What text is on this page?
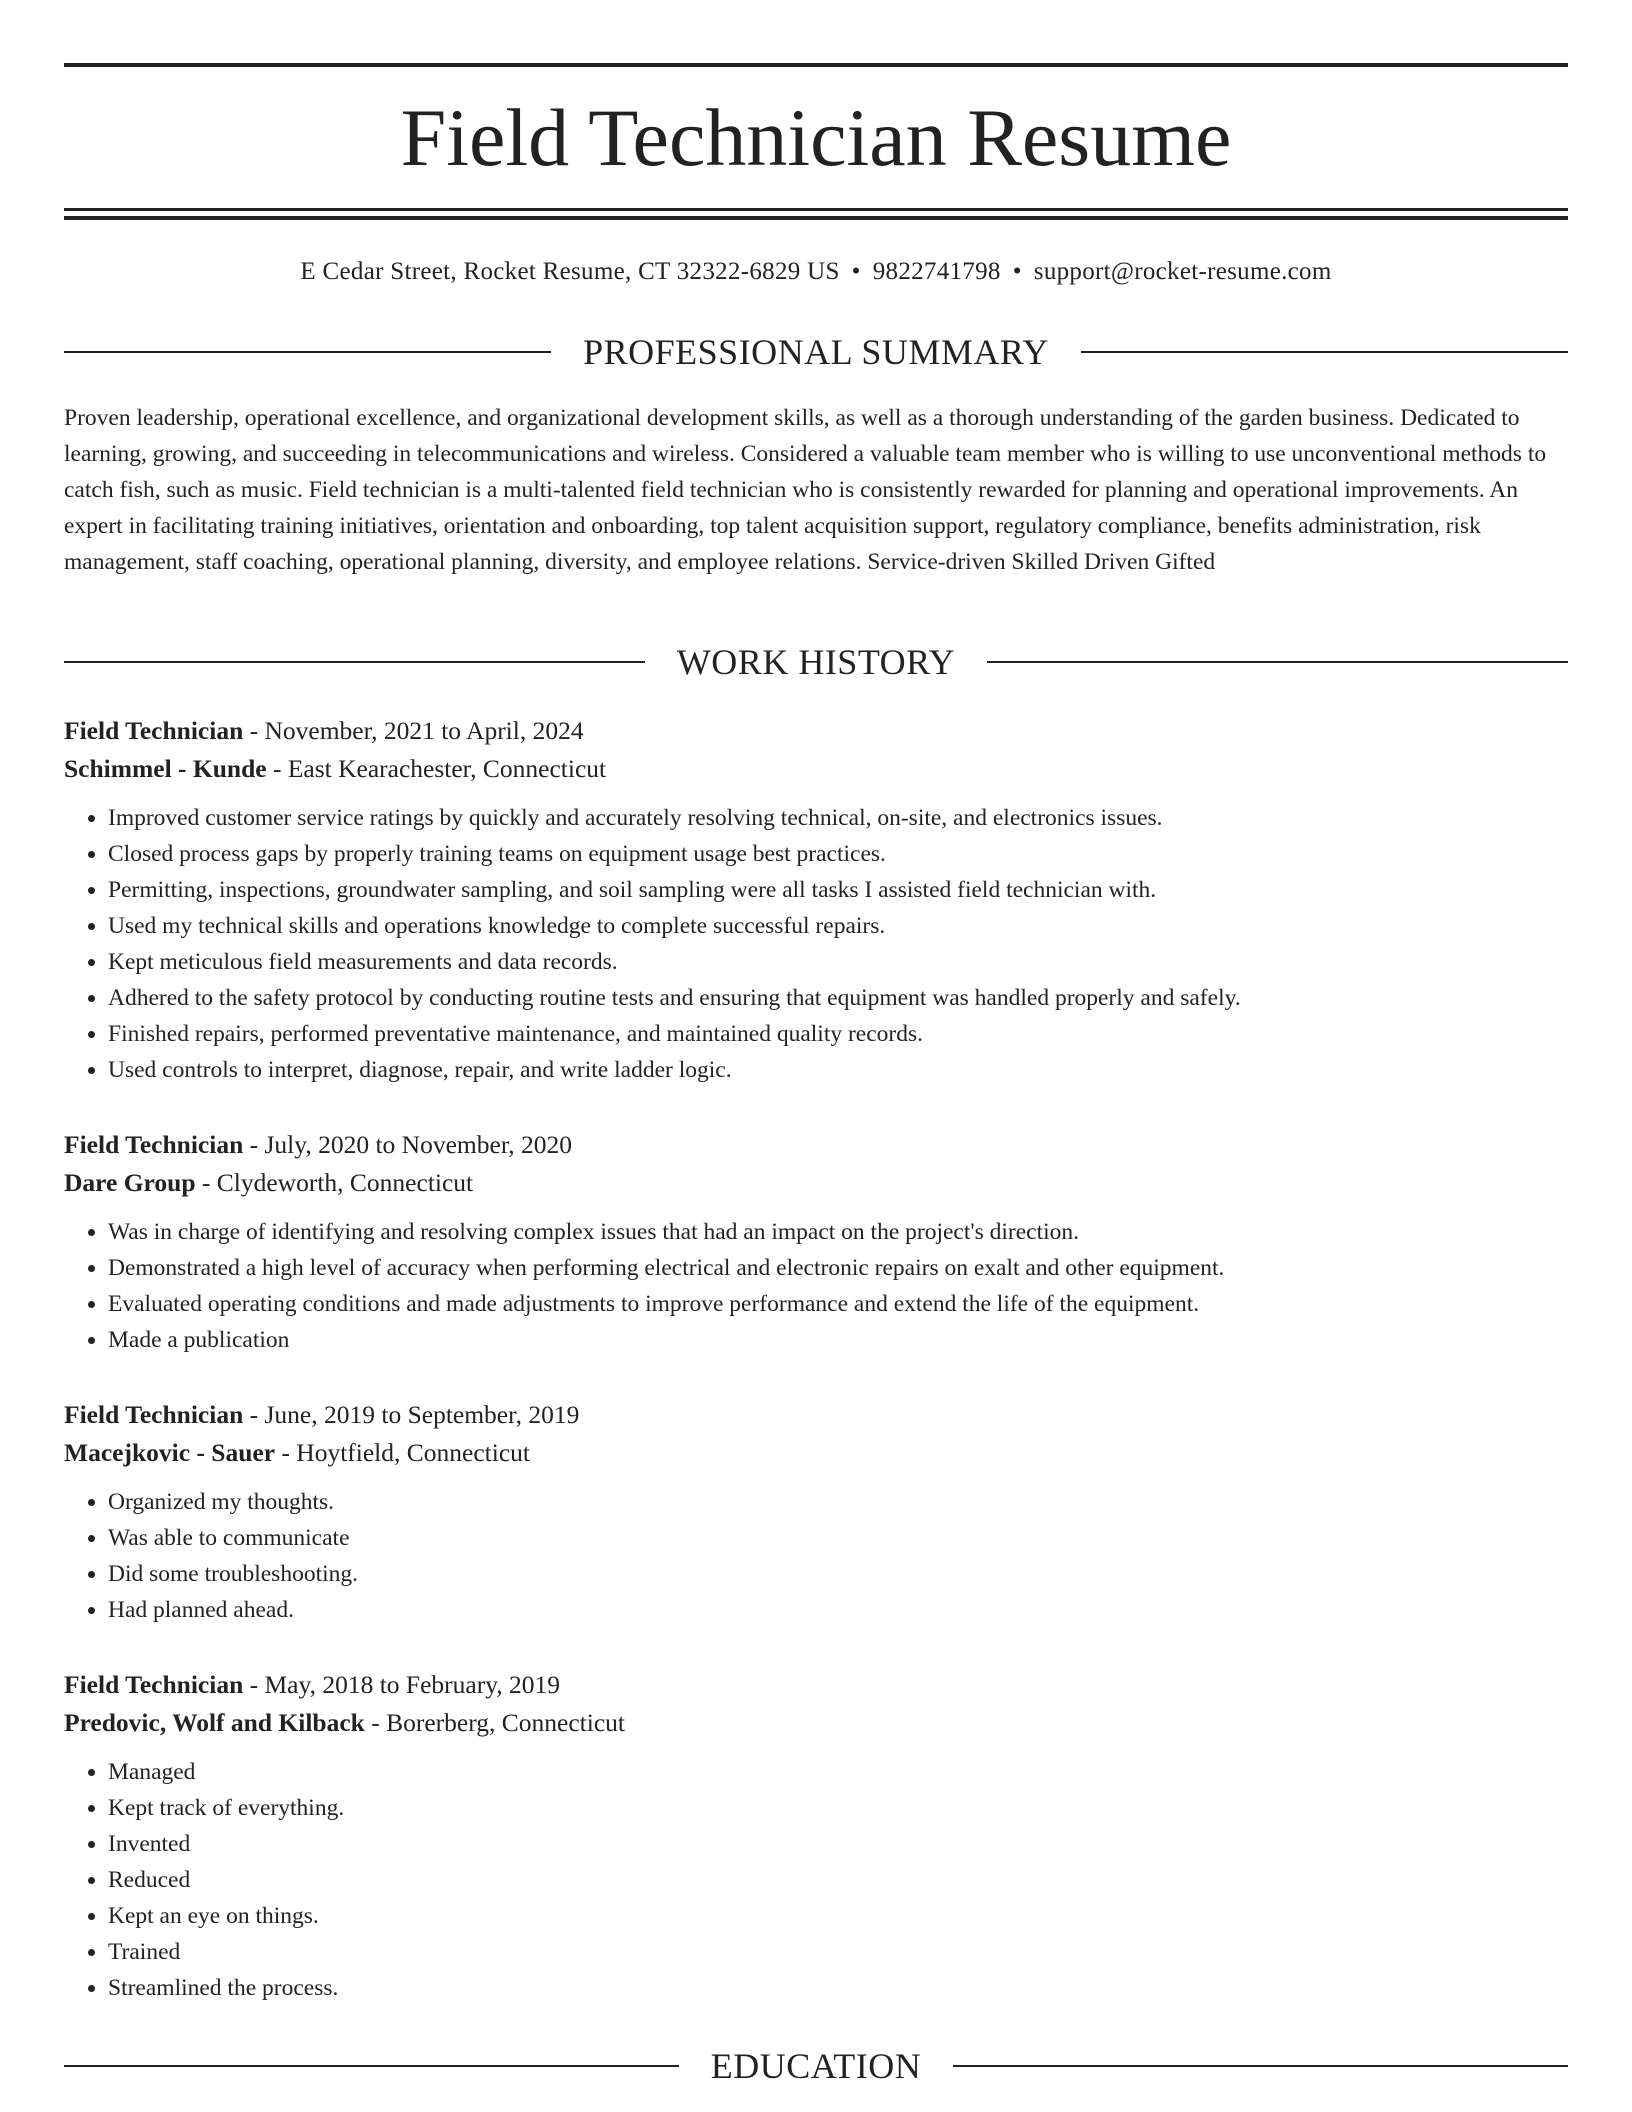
Field Technician Resume
E Cedar Street, Rocket Resume, CT 32322-6829 US • 9822741798 • support@rocket-resume.com
PROFESSIONAL SUMMARY

Proven leadership, operational excellence, and organizational development skills, as well as a thorough understanding of the garden business. Dedicated to learning, growing, and succeeding in telecommunications and wireless. Considered a valuable team member who is willing to use unconventional methods to catch fish, such as music. Field technician is a multi-talented field technician who is consistently rewarded for planning and operational improvements. An expert in facilitating training initiatives, orientation and onboarding, top talent acquisition support, regulatory compliance, benefits administration, risk management, staff coaching, operational planning, diversity, and employee relations. Service-driven Skilled Driven Gifted

WORK HISTORY
Field Technician - November, 2021 to April, 2024
Schimmel - Kunde - East Kearachester, Connecticut
• Improved customer service ratings by quickly and accurately resolving technical, on-site, and electronics issues.
• Closed process gaps by properly training teams on equipment usage best practices.
• Permitting, inspections, groundwater sampling, and soil sampling were all tasks I assisted field technician with.
• Used my technical skills and operations knowledge to complete successful repairs.
• Kept meticulous field measurements and data records.
• Adhered to the safety protocol by conducting routine tests and ensuring that equipment was handled properly and safely.
• Finished repairs, performed preventative maintenance, and maintained quality records.
• Used controls to interpret, diagnose, repair, and write ladder logic.
Field Technician - July, 2020 to November, 2020
Dare Group - Clydeworth, Connecticut
• Was in charge of identifying and resolving complex issues that had an impact on the project's direction.
• Demonstrated a high level of accuracy when performing electrical and electronic repairs on exalt and other equipment.
• Evaluated operating conditions and made adjustments to improve performance and extend the life of the equipment.
• Made a publication
Field Technician - June, 2019 to September, 2019
Macejkovic - Sauer - Hoytfield, Connecticut
• Organized my thoughts.
• Was able to communicate
• Did some troubleshooting.
• Had planned ahead.
Field Technician - May, 2018 to February, 2019
Predovic, Wolf and Kilback - Borerberg, Connecticut
• Managed
• Kept track of everything.
• Invented
• Reduced
• Kept an eye on things.
• Trained
• Streamlined the process.
EDUCATION
